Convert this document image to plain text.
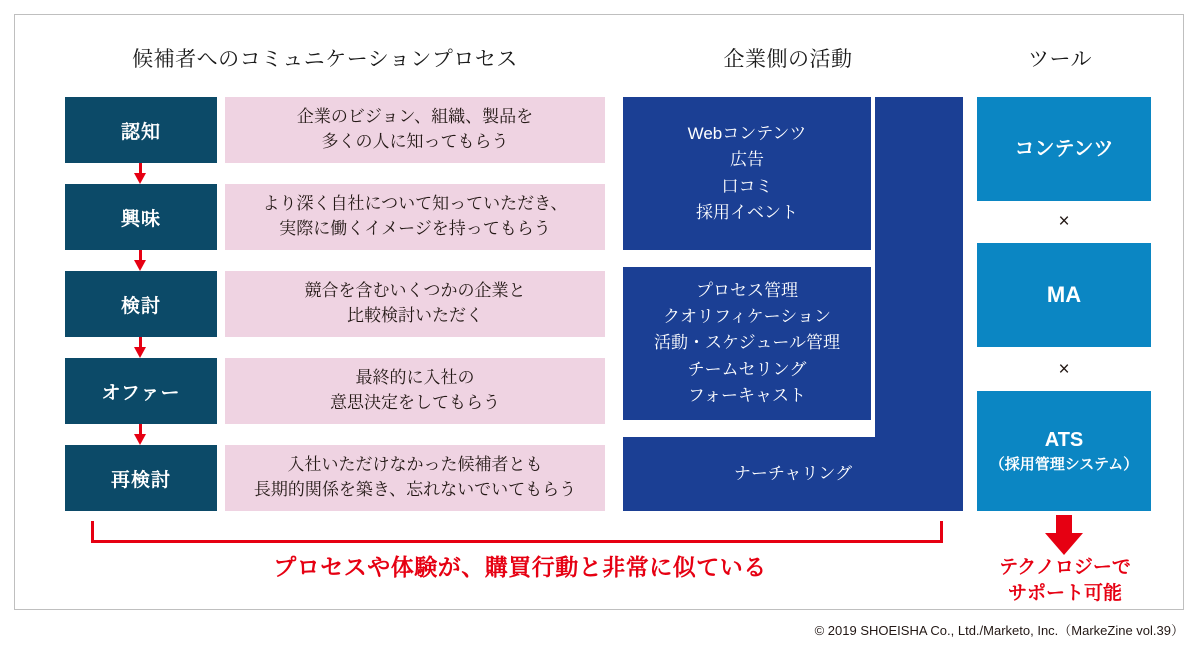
候補者へのコミュニケーションプロセス	企業側の活動	ツール
認知
興味
検討
オファー
再検討
企業のビジョン、組織、製品を
多くの人に知ってもらう
より深く自社について知っていただき、
実際に働くイメージを持ってもらう
競合を含むいくつかの企業と
比較検討いただく
最終的に入社の
意思決定をしてもらう
入社いただけなかった候補者とも
長期的関係を築き、忘れないでいてもらう
Webコンテンツ
広告
口コミ
採用イベント
プロセス管理
クオリフィケーション
活動・スケジュール管理
チームセリング
フォーキャスト
ナーチャリング
コンテンツ
×
MA
×
ATS
（採用管理システム）
テクノロジーで
サポート可能
プロセスや体験が、購買行動と非常に似ている
© 2019 SHOEISHA Co., Ltd./Marketo, Inc.（MarkeZine vol.39）
